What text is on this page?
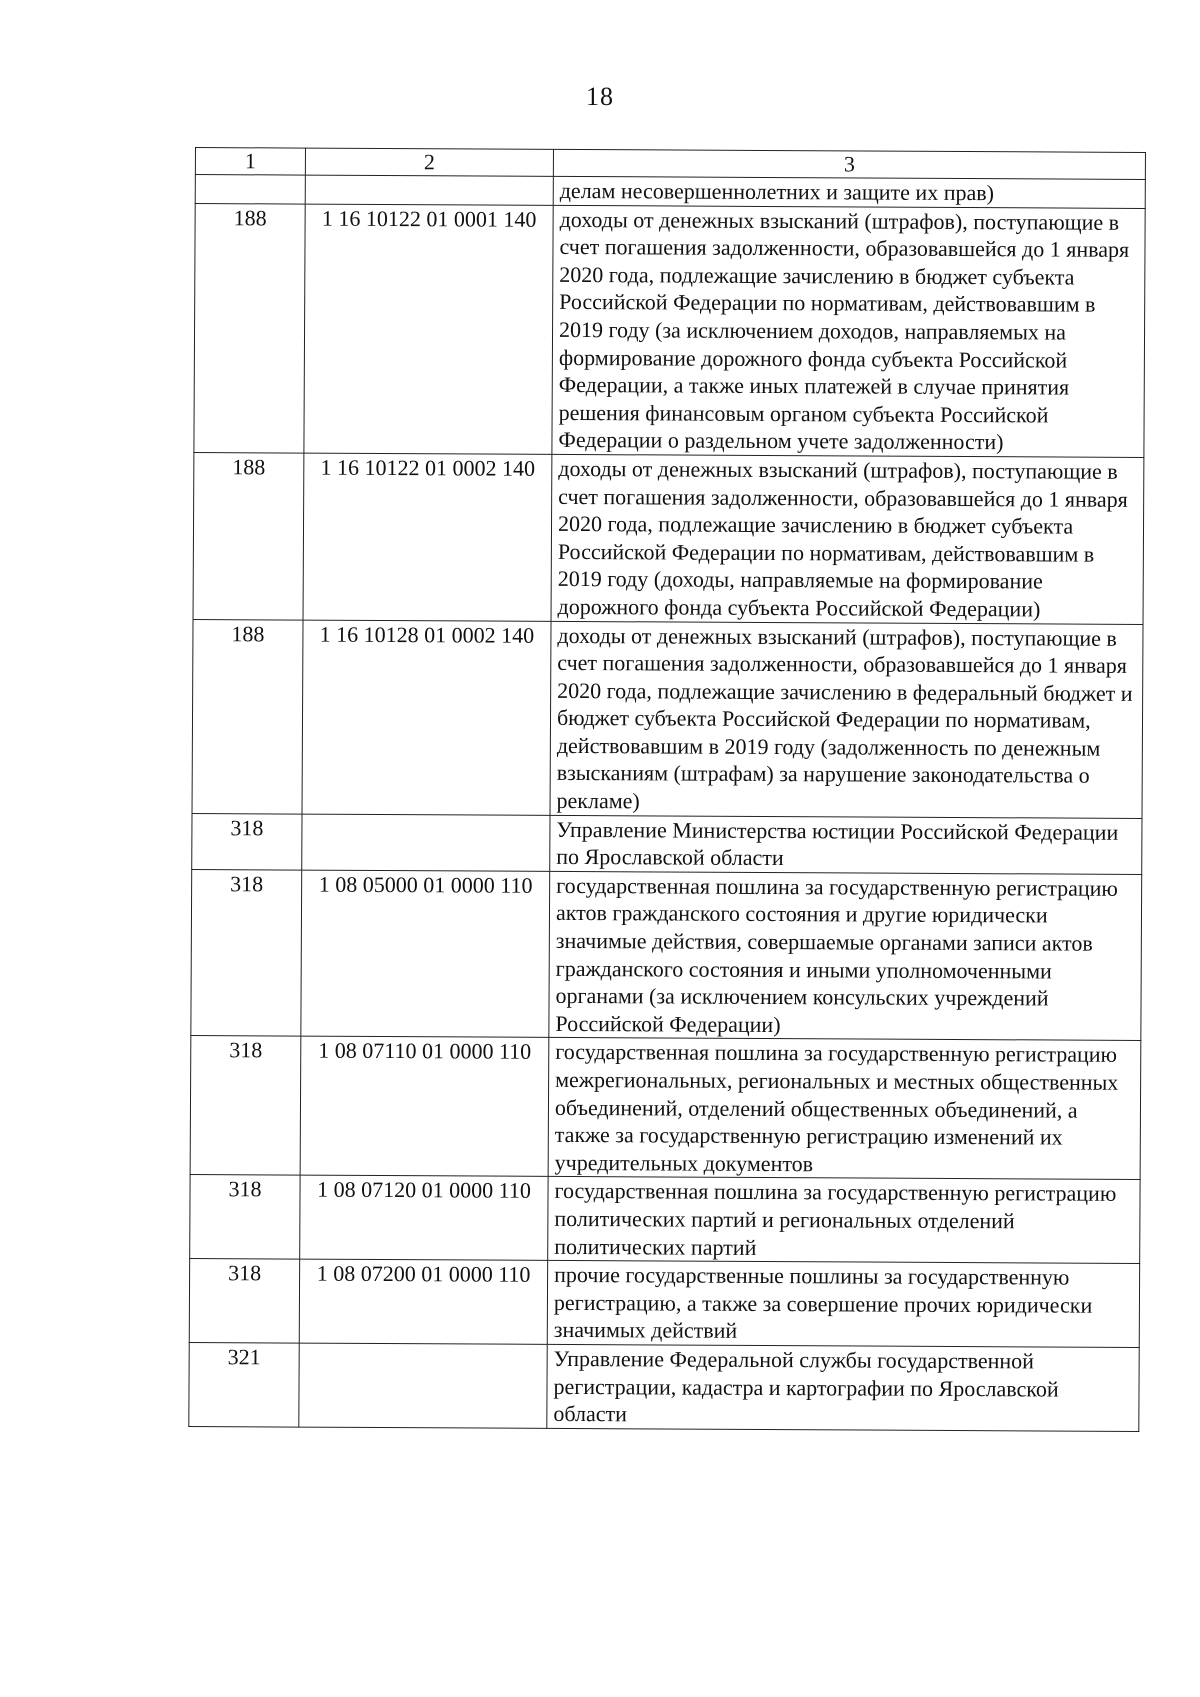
18
1	2	3
		делам несовершеннолетних и защите их прав)
188	1 16 10122 01 0001 140	доходы от денежных взысканий (штрафов), поступающие в счет погашения задолженности, образовавшейся до 1 января 2020 года, подлежащие зачислению в бюджет субъекта Российской Федерации по нормативам, действовавшим в 2019 году (за исключением доходов, направляемых на формирование дорожного фонда субъекта Российской Федерации, а также иных платежей в случае принятия решения финансовым органом субъекта Российской Федерации о раздельном учете задолженности)
188	1 16 10122 01 0002 140	доходы от денежных взысканий (штрафов), поступающие в счет погашения задолженности, образовавшейся до 1 января 2020 года, подлежащие зачислению в бюджет субъекта Российской Федерации по нормативам, действовавшим в 2019 году (доходы, направляемые на формирование дорожного фонда субъекта Российской Федерации)
188	1 16 10128 01 0002 140	доходы от денежных взысканий (штрафов), поступающие в счет погашения задолженности, образовавшейся до 1 января 2020 года, подлежащие зачислению в федеральный бюджет и бюджет субъекта Российской Федерации по нормативам, действовавшим в 2019 году (задолженность по денежным взысканиям (штрафам) за нарушение законодательства о рекламе)
318		Управление Министерства юстиции Российской Федерации по Ярославской области
318	1 08 05000 01 0000 110	государственная пошлина за государственную регистрацию актов гражданского состояния и другие юридически значимые действия, совершаемые органами записи актов гражданского состояния и иными уполномоченными органами (за исключением консульских учреждений Российской Федерации)
318	1 08 07110 01 0000 110	государственная пошлина за государственную регистрацию межрегиональных, региональных и местных общественных объединений, отделений общественных объединений, а также за государственную регистрацию изменений их учредительных документов
318	1 08 07120 01 0000 110	государственная пошлина за государственную регистрацию политических партий и региональных отделений политических партий
318	1 08 07200 01 0000 110	прочие государственные пошлины за государственную регистрацию, а также за совершение прочих юридически значимых действий
321		Управление Федеральной службы государственной регистрации, кадастра и картографии по Ярославской области
